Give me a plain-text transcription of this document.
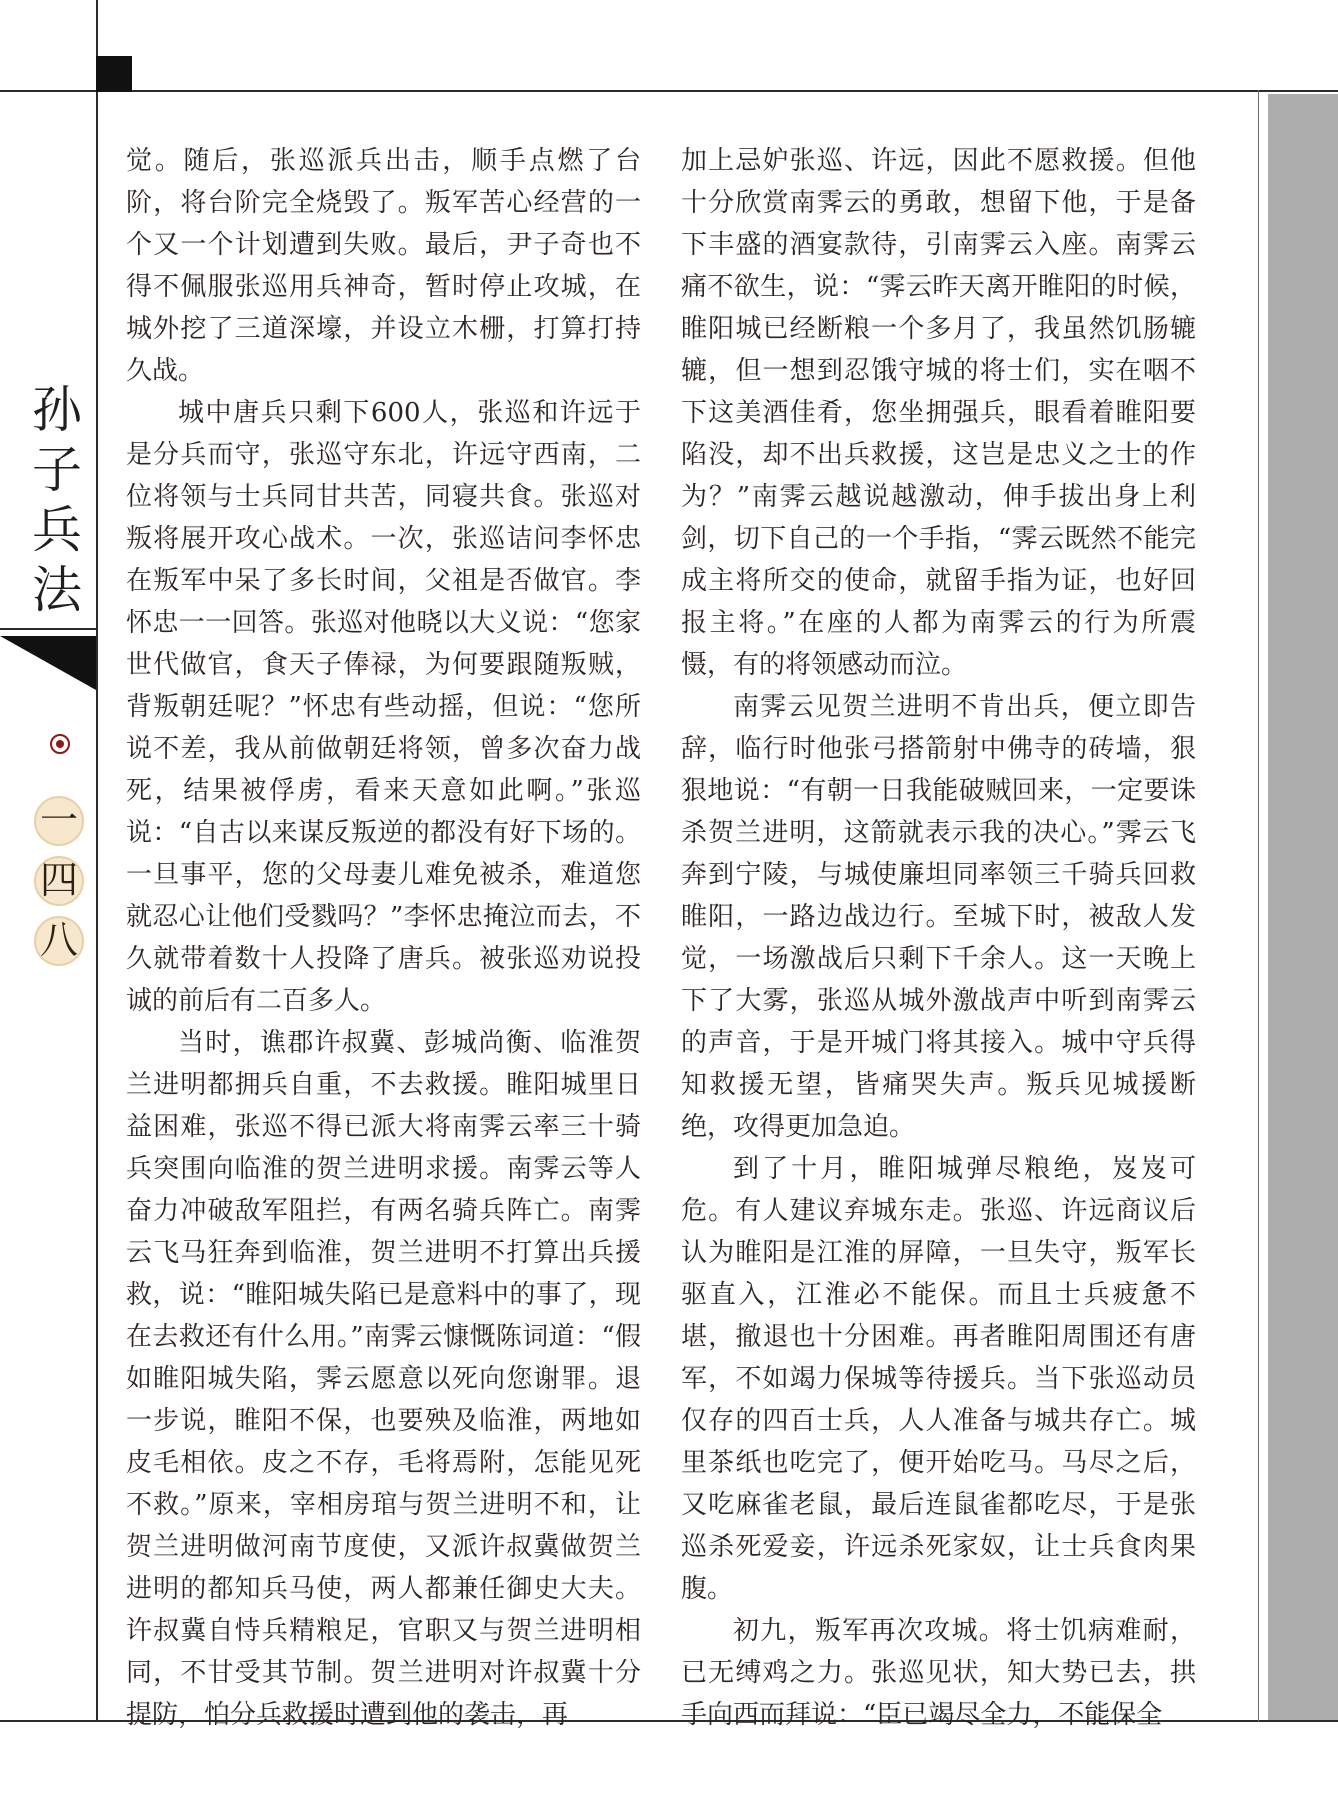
孙
子
兵
法
一
四
八

觉。随后，张巡派兵出击，顺手点燃了台阶，将台阶完全烧毁了。叛军苦心经营的一个又一个计划遭到失败。最后，尹子奇也不得不佩服张巡用兵神奇，暂时停止攻城，在城外挖了三道深壕，并设立木栅，打算打持久战。

城中唐兵只剩下600人，张巡和许远于是分兵而守，张巡守东北，许远守西南，二位将领与士兵同甘共苦，同寝共食。张巡对叛将展开攻心战术。一次，张巡诘问李怀忠在叛军中呆了多长时间，父祖是否做官。李怀忠一一回答。张巡对他晓以大义说：“您家世代做官，食天子俸禄，为何要跟随叛贼，背叛朝廷呢？”怀忠有些动摇，但说：“您所说不差，我从前做朝廷将领，曾多次奋力战死，结果被俘虏，看来天意如此啊。”张巡说：“自古以来谋反叛逆的都没有好下场的。一旦事平，您的父母妻儿难免被杀，难道您就忍心让他们受戮吗？”李怀忠掩泣而去，不久就带着数十人投降了唐兵。被张巡劝说投诚的前后有二百多人。

当时，谯郡许叔冀、彭城尚衡、临淮贺兰进明都拥兵自重，不去救援。睢阳城里日益困难，张巡不得已派大将南霁云率三十骑兵突围向临淮的贺兰进明求援。南霁云等人奋力冲破敌军阻拦，有两名骑兵阵亡。南霁云飞马狂奔到临淮，贺兰进明不打算出兵援救，说：“睢阳城失陷已是意料中的事了，现在去救还有什么用。”南霁云慷慨陈词道：“假如睢阳城失陷，霁云愿意以死向您谢罪。退一步说，睢阳不保，也要殃及临淮，两地如皮毛相依。皮之不存，毛将焉附，怎能见死不救。”原来，宰相房琯与贺兰进明不和，让贺兰进明做河南节度使，又派许叔冀做贺兰进明的都知兵马使，两人都兼任御史大夫。许叔冀自恃兵精粮足，官职又与贺兰进明相同，不甘受其节制。贺兰进明对许叔冀十分提防，怕分兵救援时遭到他的袭击，再

加上忌妒张巡、许远，因此不愿救援。但他十分欣赏南霁云的勇敢，想留下他，于是备下丰盛的酒宴款待，引南霁云入座。南霁云痛不欲生，说：“霁云昨天离开睢阳的时候，睢阳城已经断粮一个多月了，我虽然饥肠辘辘，但一想到忍饿守城的将士们，实在咽不下这美酒佳肴，您坐拥强兵，眼看着睢阳要陷没，却不出兵救援，这岂是忠义之士的作为？”南霁云越说越激动，伸手拔出身上利剑，切下自己的一个手指，“霁云既然不能完成主将所交的使命，就留手指为证，也好回报主将。”在座的人都为南霁云的行为所震慑，有的将领感动而泣。

南霁云见贺兰进明不肯出兵，便立即告辞，临行时他张弓搭箭射中佛寺的砖墙，狠狠地说：“有朝一日我能破贼回来，一定要诛杀贺兰进明，这箭就表示我的决心。”霁云飞奔到宁陵，与城使廉坦同率领三千骑兵回救睢阳，一路边战边行。至城下时，被敌人发觉，一场激战后只剩下千余人。这一天晚上下了大雾，张巡从城外激战声中听到南霁云的声音，于是开城门将其接入。城中守兵得知救援无望，皆痛哭失声。叛兵见城援断绝，攻得更加急迫。

到了十月，睢阳城弹尽粮绝，岌岌可危。有人建议弃城东走。张巡、许远商议后认为睢阳是江淮的屏障，一旦失守，叛军长驱直入，江淮必不能保。而且士兵疲惫不堪，撤退也十分困难。再者睢阳周围还有唐军，不如竭力保城等待援兵。当下张巡动员仅存的四百士兵，人人准备与城共存亡。城里茶纸也吃完了，便开始吃马。马尽之后，又吃麻雀老鼠，最后连鼠雀都吃尽，于是张巡杀死爱妾，许远杀死家奴，让士兵食肉果腹。

初九，叛军再次攻城。将士饥病难耐，已无缚鸡之力。张巡见状，知大势已去，拱手向西而拜说：“臣已竭尽全力，不能保全
